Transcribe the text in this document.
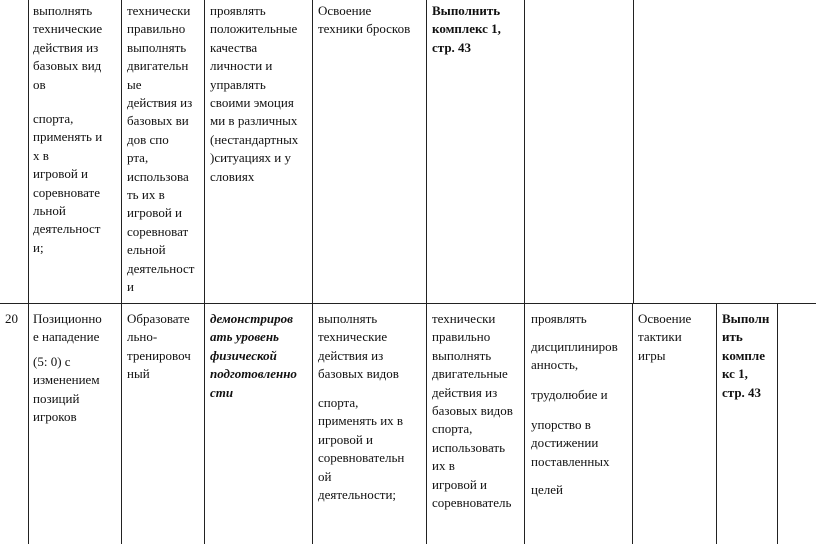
выполнять
технические
действия из
базовых вид
ов
спорта,
применять и
х в
игровой и
соревновате
льной
деятельност
и;
технически
правильно
выполнять
двигательн
ые
действия из
базовых ви
дов спо
рта,
использова
ть их в
игровой и
соревноват
ельной
деятельност
и
проявлять
положительные
качества
личности и
управлять
своими эмоция
ми в различных
(нестандартных
)ситуациях и у
словиях
Освоение
техники бросков
Выполнить
комплекс 1,
стр. 43
20	Позиционно
е нападение
(5: 0) с
изменением
позиций
игроков
Образовате
льно-
тренировоч
ный
демонстриров
ать уровень
физической
подготовленно
сти
выполнять
технические
действия из
базовых видов
спорта,
применять их в
игровой и
соревновательн
ой
деятельности;
технически
правильно
выполнять
двигательные
действия из
базовых видов
спорта,
использовать
их в
игровой и
соревнователь
проявлять
дисциплиниров
анность,
трудолюбие и
упорство в
достижении
поставленных
целей
Освоение
тактики
игры
Выполн
ить
компле
кс 1,
стр. 43
